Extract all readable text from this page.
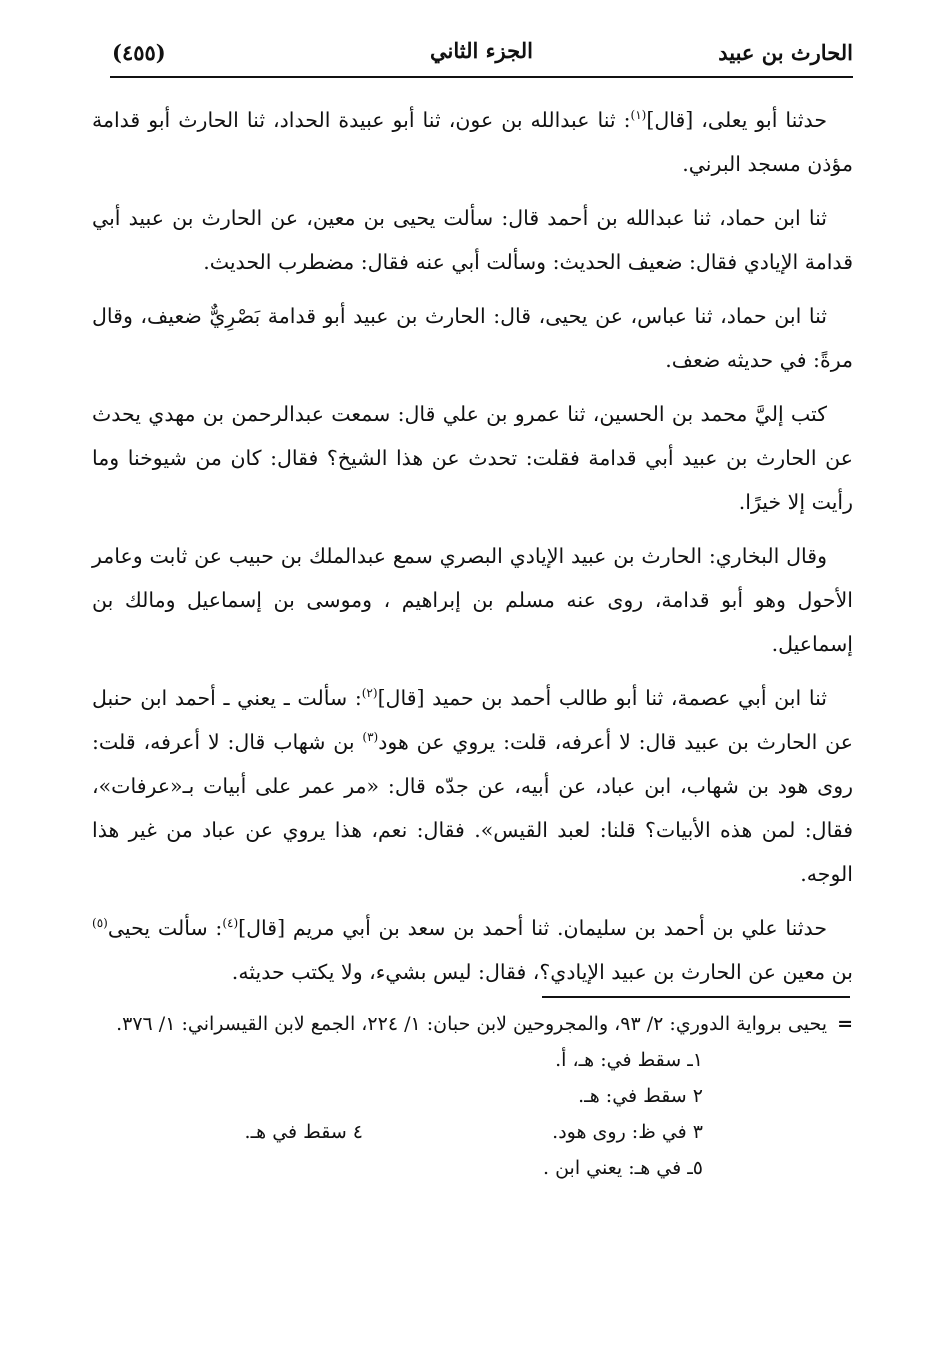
الحارث بن عبيد
الجزء الثاني
(٤٥٥)

حدثنا أبو يعلى، [قال]$^{(١)}$: ثنا عبدالله بن عون، ثنا أبو عبيدة الحداد، ثنا الحارث أبو قدامة مؤذن مسجد البرني.

ثنا ابن حماد، ثنا عبدالله بن أحمد قال: سألت يحيى بن معين، عن الحارث بن عبيد أبي قدامة الإيادي فقال: ضعيف الحديث: وسألت أبي عنه فقال: مضطرب الحديث.

ثنا ابن حماد، ثنا عباس، عن يحيى، قال: الحارث بن عبيد أبو قدامة بَصْرِيٌّ ضعيف، وقال مرةً: في حديثه ضعف.

كتب إليَّ محمد بن الحسين، ثنا عمرو بن علي قال: سمعت عبدالرحمن بن مهدي يحدث عن الحارث بن عبيد أبي قدامة فقلت: تحدث عن هذا الشيخ؟ فقال: كان من شيوخنا وما رأيت إلا خيرًا.

وقال البخاري: الحارث بن عبيد الإيادي البصري سمع عبدالملك بن حبيب عن ثابت وعامر الأحول وهو أبو قدامة، روى عنه مسلم بن إبراهيم ، وموسى بن إسماعيل ومالك بن إسماعيل.

ثنا ابن أبي عصمة، ثنا أبو طالب أحمد بن حميد [قال]$^{(٢)}$: سألت ـ يعني ـ أحمد ابن حنبل عن الحارث بن عبيد قال: لا أعرفه، قلت: يروي عن هود$^{(٣)}$ بن شهاب قال: لا أعرفه، قلت: روى هود بن شهاب، ابن عباد، عن أبيه، عن جدّه قال: «مر عمر على أبيات بـ«عرفات»، فقال: لمن هذه الأبيات؟ قلنا: لعبد القيس». فقال: نعم، هذا يروي عن عباد من غير هذا الوجه.

حدثنا علي بن أحمد بن سليمان. ثنا أحمد بن سعد بن أبي مريم [قال]$^{(٤)}$: سألت يحيى$^{(٥)}$ بن معين عن الحارث بن عبيد الإيادي؟، فقال: ليس بشيء، ولا يكتب حديثه.

=يحيى برواية الدوري: ٢/ ٩٣، والمجروحين لابن حبان: ١/ ٢٢٤، الجمع لابن القيسراني: ١/ ٣٧٦.

١ـ سقط في: هـ، أ.
٢ سقط في: هـ.
٣ في ظ: روى هود.
٤ سقط في هـ.
٥ـ في هـ: يعني ابن .
